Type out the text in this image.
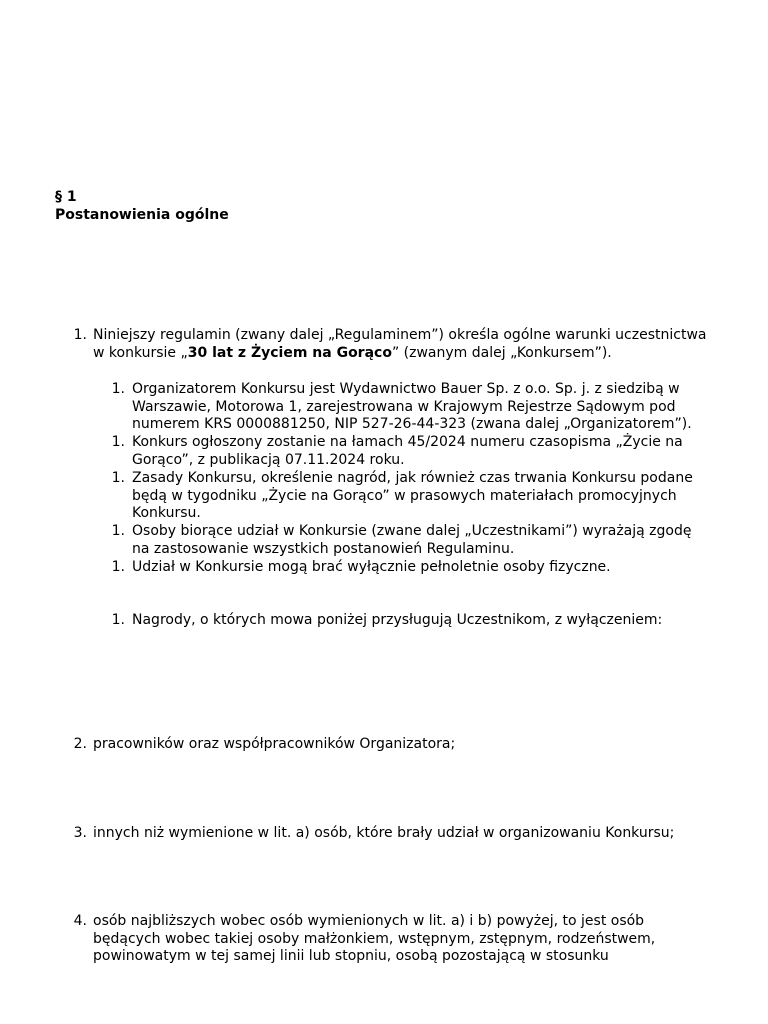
§ 1
Postanowienia ogólne
1. Niniejszy regulamin (zwany dalej „Regulaminem”) określa ogólne warunki uczestnictwa w konkursie „30 lat z Życiem na Gorąco” (zwanym dalej „Konkursem”).
1. Organizatorem Konkursu jest Wydawnictwo Bauer Sp. z o.o. Sp. j. z siedzibą w Warszawie, Motorowa 1, zarejestrowana w Krajowym Rejestrze Sądowym pod numerem KRS 0000881250, NIP 527-26-44-323 (zwana dalej „Organizatorem”).
1. Konkurs ogłoszony zostanie na łamach 45/2024 numeru czasopisma „Życie na Gorąco”, z publikacją 07.11.2024 roku.
1. Zasady Konkursu, określenie nagród, jak również czas trwania Konkursu podane będą w tygodniku „Życie na Gorąco” w prasowych materiałach promocyjnych Konkursu.
1. Osoby biorące udział w Konkursie (zwane dalej „Uczestnikami”) wyrażają zgodę na zastosowanie wszystkich postanowień Regulaminu.
1. Udział w Konkursie mogą brać wyłącznie pełnoletnie osoby fizyczne.
1. Nagrody, o których mowa poniżej przysługują Uczestnikom, z wyłączeniem:
2. pracowników oraz współpracowników Organizatora;
3. innych niż wymienione w lit. a) osób, które brały udział w organizowaniu Konkursu;
4. osób najbliższych wobec osób wymienionych w lit. a) i b) powyżej, to jest osób będących wobec takiej osoby małżonkiem, wstępnym, zstępnym, rodzeństwem, powinowatym w tej samej linii lub stopniu, osobą pozostającą w stosunku
